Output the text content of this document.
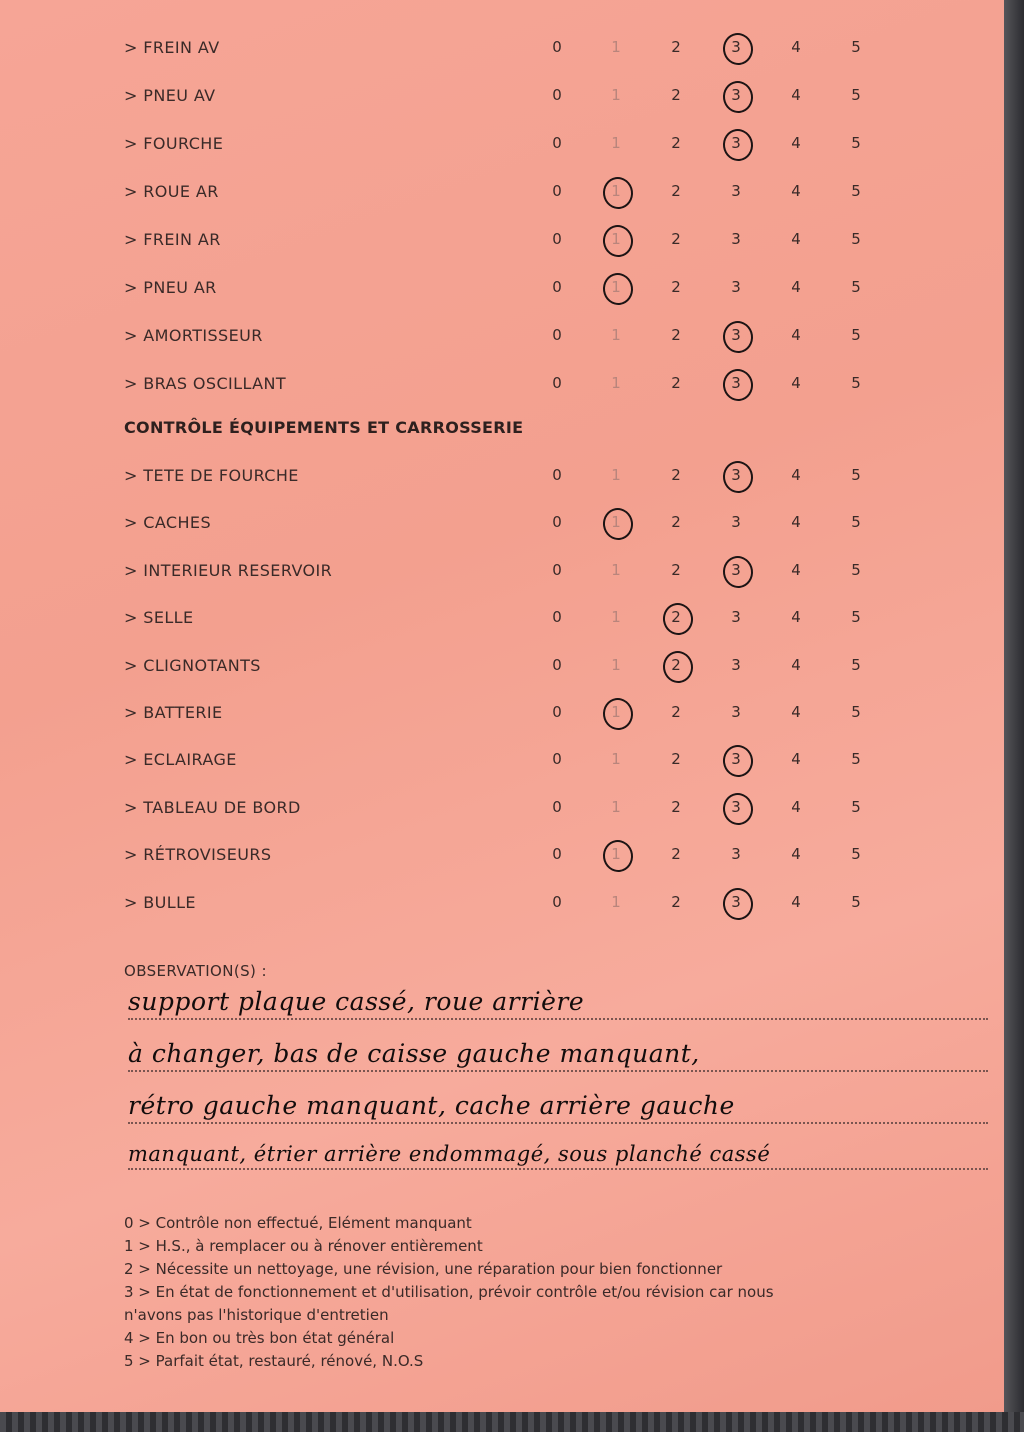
> FREIN AV	0	1	2	3	4	5
> PNEU AV	0	1	2	3	4	5
> FOURCHE	0	1	2	3	4	5
> ROUE AR	0	1	2	3	4	5
> FREIN AR	0	1	2	3	4	5
> PNEU AR	0	1	2	3	4	5
> AMORTISSEUR	0	1	2	3	4	5
> BRAS OSCILLANT	0	1	2	3	4	5
CONTRÔLE ÉQUIPEMENTS ET CARROSSERIE
> TETE DE FOURCHE	0	1	2	3	4	5
> CACHES	0	1	2	3	4	5
> INTERIEUR RESERVOIR	0	1	2	3	4	5
> SELLE	0	1	2	3	4	5
> CLIGNOTANTS	0	1	2	3	4	5
> BATTERIE	0	1	2	3	4	5
> ECLAIRAGE	0	1	2	3	4	5
> TABLEAU DE BORD	0	1	2	3	4	5
> RÉTROVISEURS	0	1	2	3	4	5
> BULLE	0	1	2	3	4	5
OBSERVATION(S) :
support plaque cassé, roue arrière
à changer, bas de caisse gauche manquant,
rétro gauche manquant, cache arrière gauche
manquant, étrier arrière endommagé, sous planché cassé
0 > Contrôle non effectué, Elément manquant
1 > H.S., à remplacer ou à rénover entièrement
2 > Nécessite un nettoyage, une révision, une réparation pour bien fonctionner
3 > En état de fonctionnement et d'utilisation, prévoir contrôle et/ou révision car nous
n'avons pas l'historique d'entretien
4 > En bon ou très bon état général
5 > Parfait état, restauré, rénové, N.O.S
